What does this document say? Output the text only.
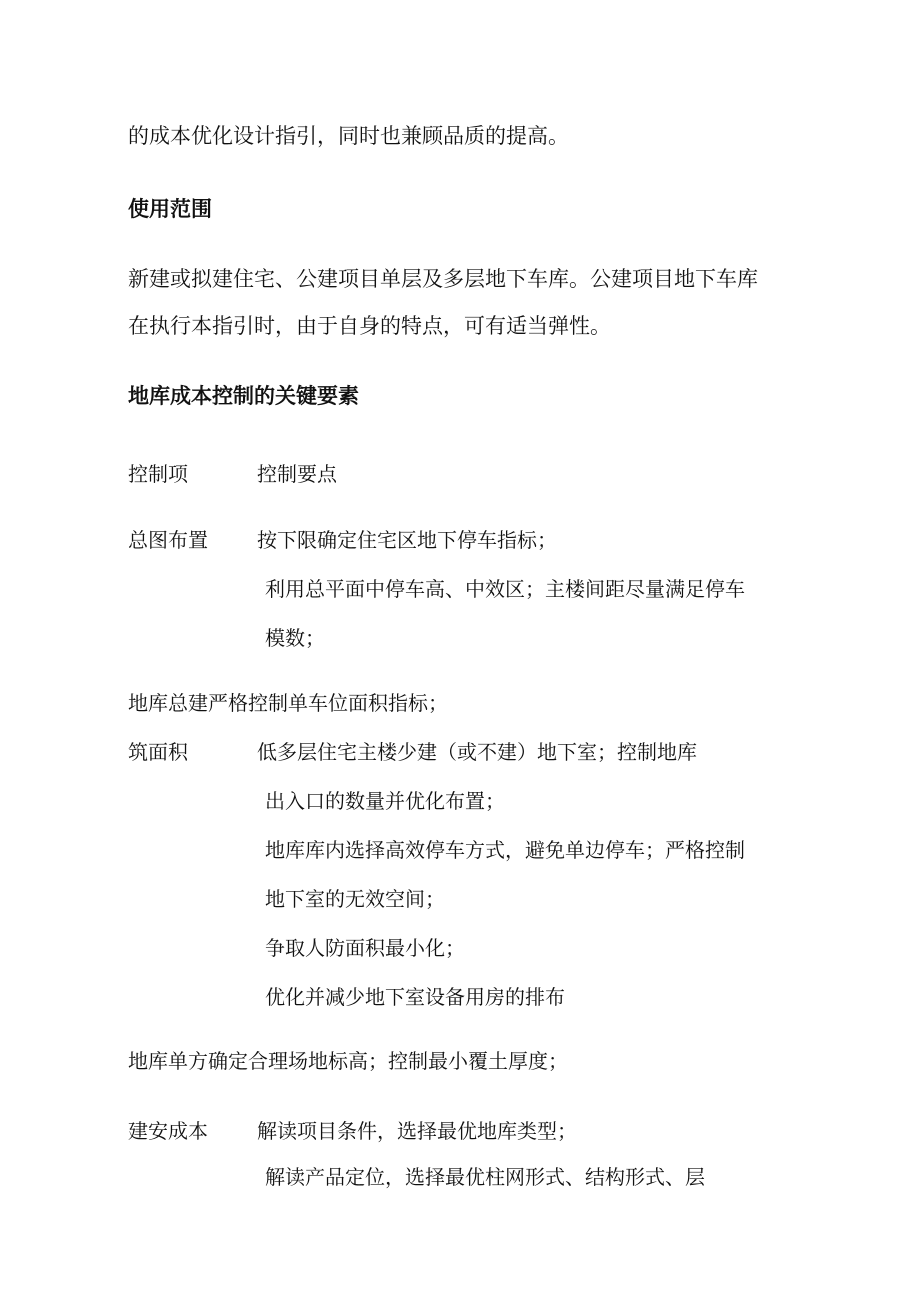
的成本优化设计指引，同时也兼顾品质的提高。

使用范围

新建或拟建住宅、公建项目单层及多层地下车库。公建项目地下车库

在执行本指引时，由于自身的特点，可有适当弹性。

地库成本控制的关键要素

控制项	控制要点

总图布置 按下限确定住宅区地下停车指标；

利用总平面中停车高、中效区；主楼间距尽量满足停车

模数；

地库总建严格控制单车位面积指标；

筑面积	低多层住宅主楼少建（或不建）地下室；控制地库

出入口的数量并优化布置；

地库库内选择高效停车方式，避免单边停车；严格控制

地下室的无效空间；

争取人防面积最小化；

优化并减少地下室设备用房的排布

地库单方确定合理场地标高；控制最小覆土厚度；

建安成本 解读项目条件，选择最优地库类型；

解读产品定位，选择最优柱网形式、结构形式、层
